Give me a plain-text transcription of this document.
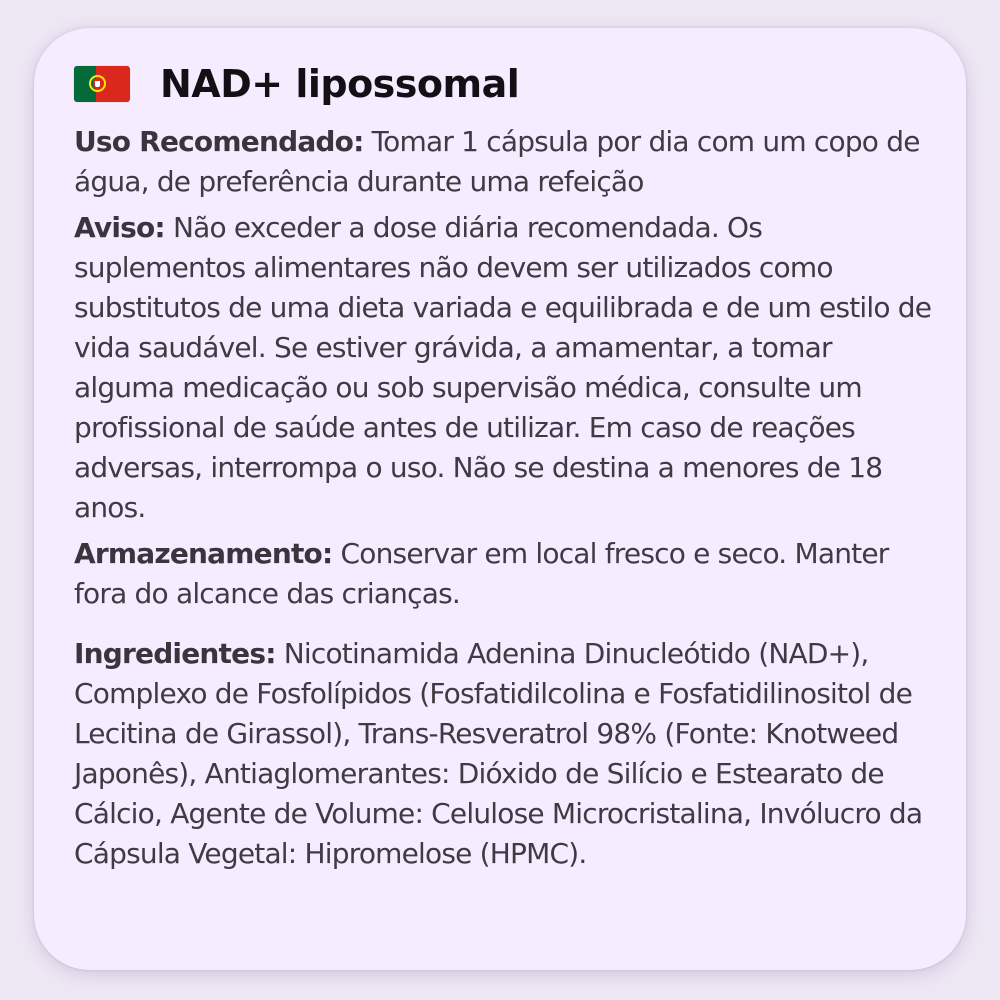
NAD+ lipossomal

Uso Recomendado: Tomar 1 cápsula por dia com um copo de água, de preferência durante uma refeição

Aviso: Não exceder a dose diária recomendada. Os suplementos alimentares não devem ser utilizados como substitutos de uma dieta variada e equilibrada e de um estilo de vida saudável. Se estiver grávida, a amamentar, a tomar alguma medicação ou sob supervisão médica, consulte um profissional de saúde antes de utilizar. Em caso de reações adversas, interrompa o uso. Não se destina a menores de 18 anos.

Armazenamento: Conservar em local fresco e seco. Manter fora do alcance das crianças.

Ingredientes: Nicotinamida Adenina Dinucleótido (NAD+), Complexo de Fosfolípidos (Fosfatidilcolina e Fosfatidilinositol de Lecitina de Girassol), Trans-Resveratrol 98% (Fonte: Knotweed Japonês), Antiaglomerantes: Dióxido de Silício e Estearato de Cálcio, Agente de Volume: Celulose Microcristalina, Invólucro da Cápsula Vegetal: Hipromelose (HPMC).
